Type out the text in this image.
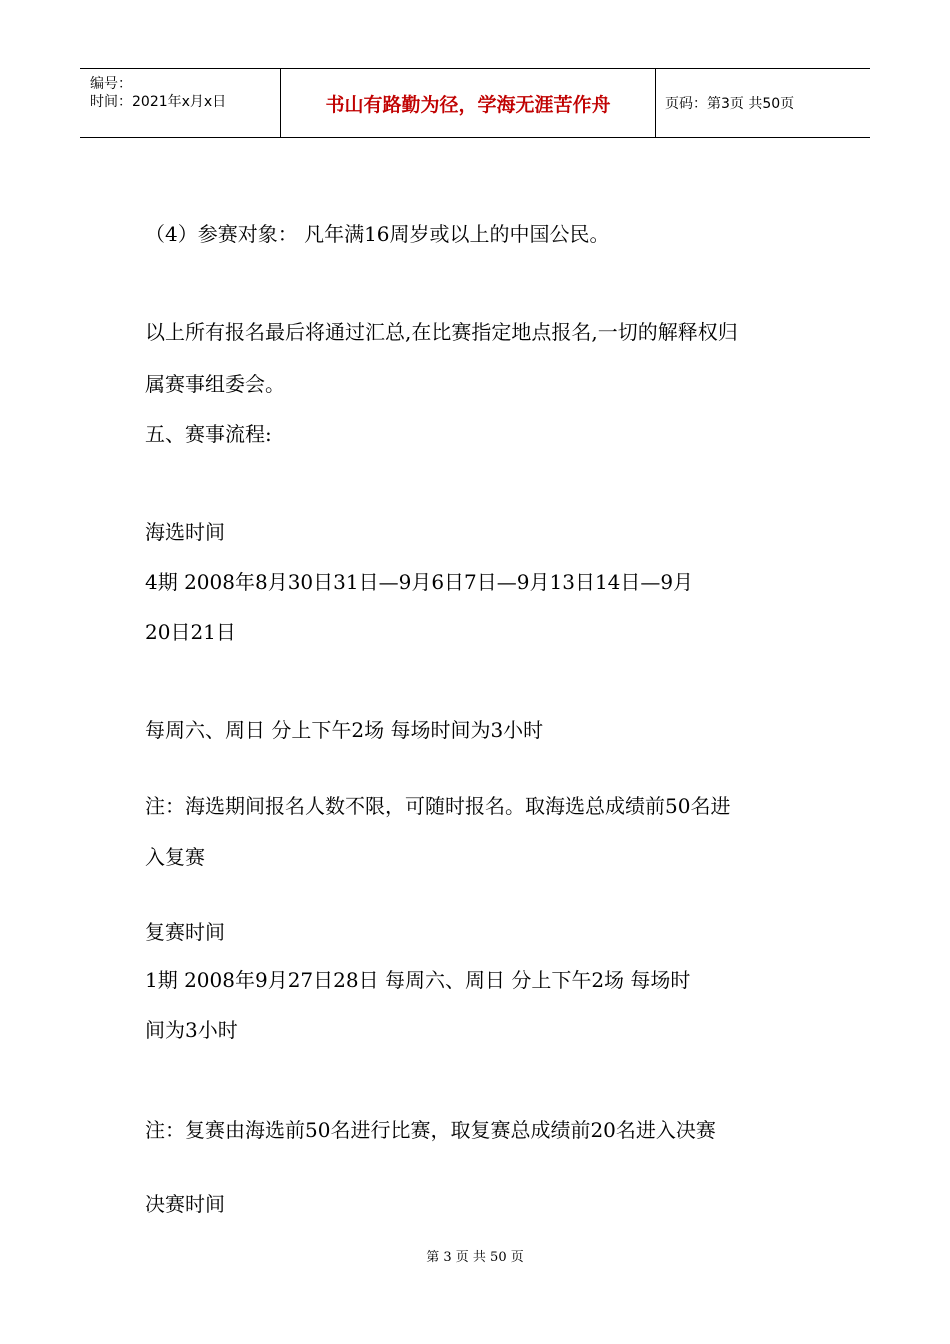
编号：
时间：2021年x月x日	书山有路勤为径，学海无涯苦作舟	页码：第3页 共50页
（4）参赛对象： 凡年满16周岁或以上的中国公民。
以上所有报名最后将通过汇总,在比赛指定地点报名,一切的解释权归
属赛事组委会。
五、赛事流程:
海选时间
4期 2008年8月30日31日—9月6日7日—9月13日14日—9月
20日21日
每周六、周日 分上下午2场 每场时间为3小时
注：海选期间报名人数不限，可随时报名。取海选总成绩前50名进
入复赛
复赛时间
1期 2008年9月27日28日 每周六、周日 分上下午2场 每场时
间为3小时
注：复赛由海选前50名进行比赛，取复赛总成绩前20名进入决赛
决赛时间
第 3 页 共 50 页
